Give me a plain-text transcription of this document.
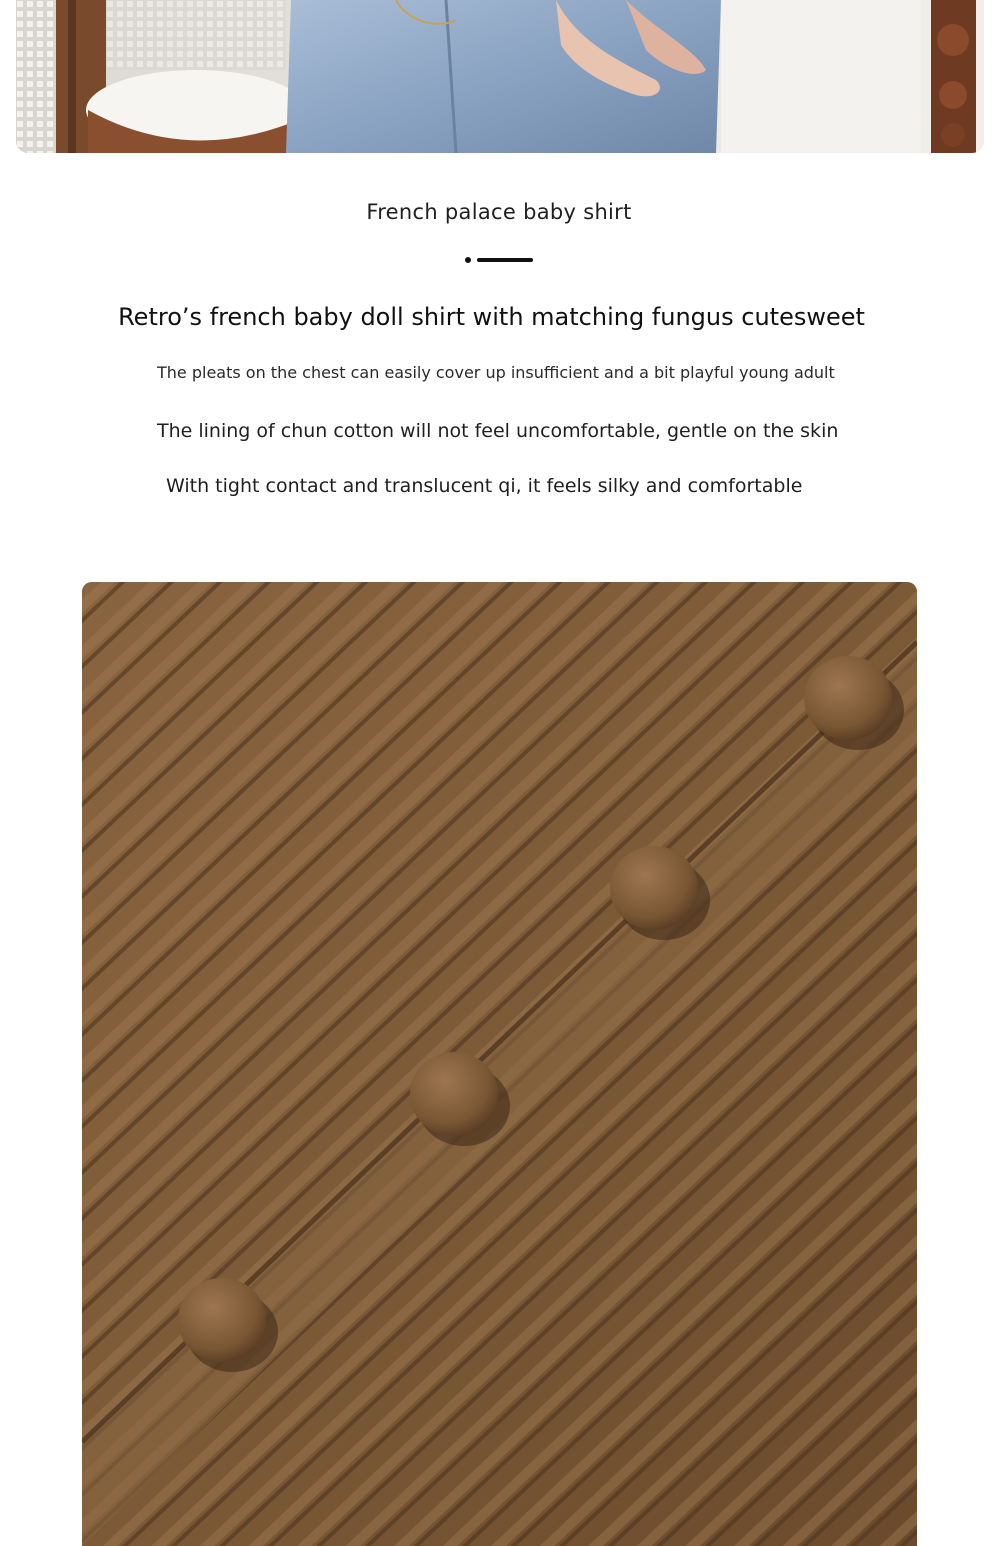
French palace baby shirt
Retro’s french baby doll shirt with matching fungus cutesweet
The pleats on the chest can easily cover up insufficient and a bit playful young adult
The lining of chun cotton will not feel uncomfortable, gentle on the skin
With tight contact and translucent qi, it feels silky and comfortable
